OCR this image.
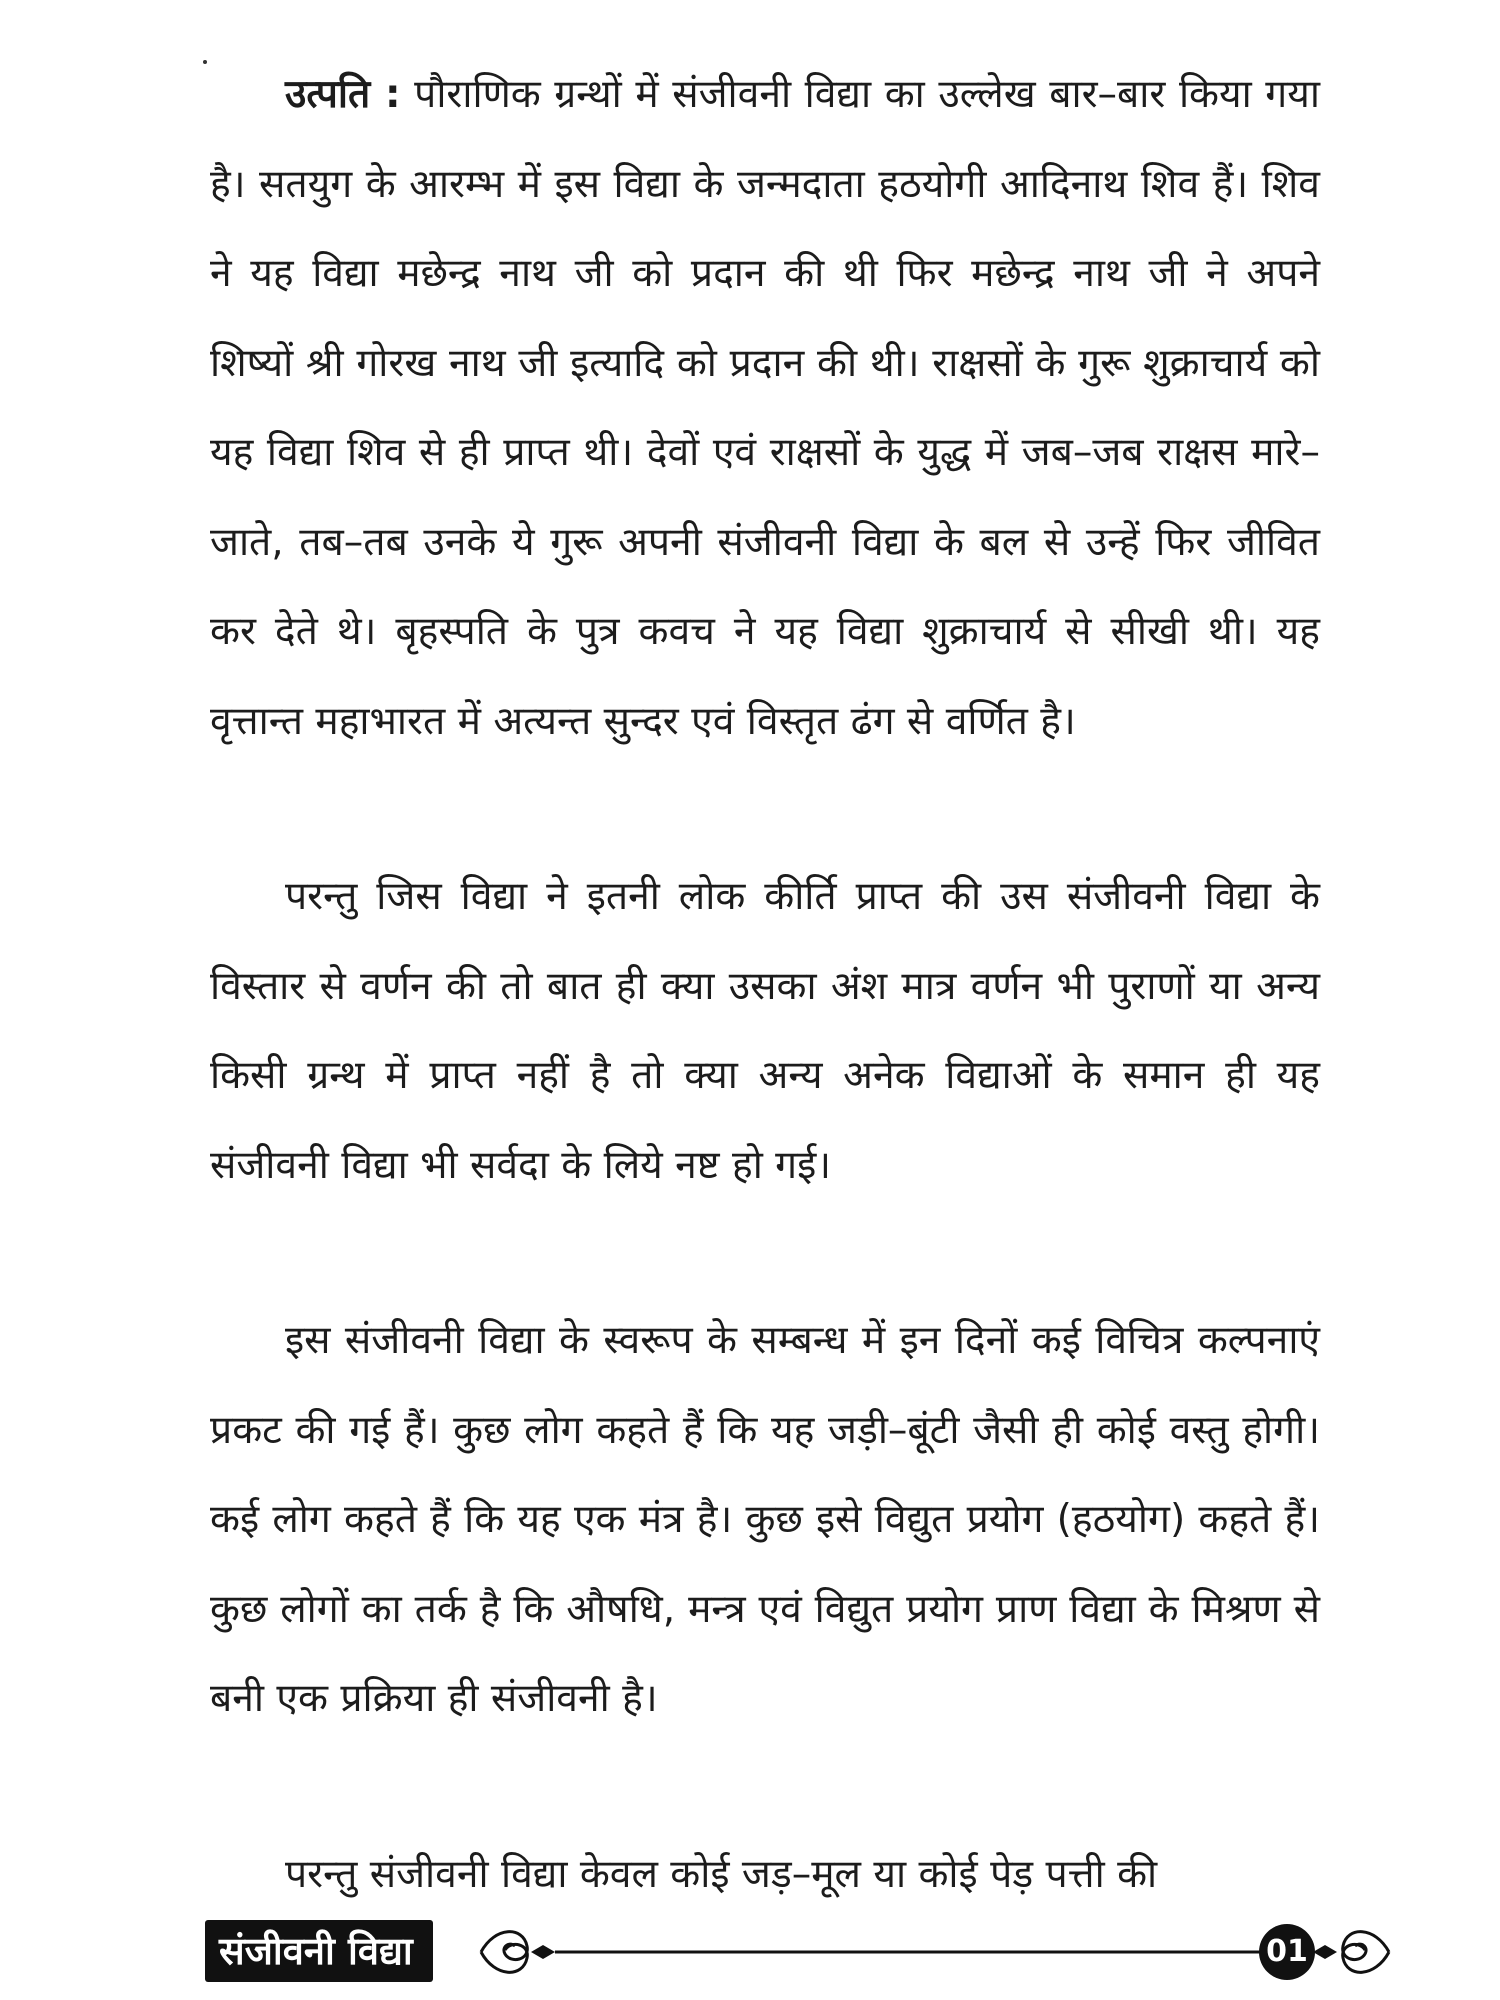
उत्पति : पौराणिक ग्रन्थों में संजीवनी विद्या का उल्लेख बार–बार किया गया है। सतयुग के आरम्भ में इस विद्या के जन्मदाता हठयोगी आदिनाथ शिव हैं। शिव ने यह विद्या मछेन्द्र नाथ जी को प्रदान की थी फिर मछेन्द्र नाथ जी ने अपने शिष्यों श्री गोरख नाथ जी इत्यादि को प्रदान की थी। राक्षसों के गुरू शुक्राचार्य को यह विद्या शिव से ही प्राप्त थी। देवों एवं राक्षसों के युद्ध में जब–जब राक्षस मारे–जाते, तब–तब उनके ये गुरू अपनी संजीवनी विद्या के बल से उन्हें फिर जीवित कर देते थे। बृहस्पति के पुत्र कवच ने यह विद्या शुक्राचार्य से सीखी थी। यह वृत्तान्त महाभारत में अत्यन्त सुन्दर एवं विस्तृत ढंग से वर्णित है।

परन्तु जिस विद्या ने इतनी लोक कीर्ति प्राप्त की उस संजीवनी विद्या के विस्तार से वर्णन की तो बात ही क्या उसका अंश मात्र वर्णन भी पुराणों या अन्य किसी ग्रन्थ में प्राप्त नहीं है तो क्या अन्य अनेक विद्याओं के समान ही यह संजीवनी विद्या भी सर्वदा के लिये नष्ट हो गई।

इस संजीवनी विद्या के स्वरूप के सम्बन्ध में इन दिनों कई विचित्र कल्पनाएं प्रकट की गई हैं। कुछ लोग कहते हैं कि यह जड़ी–बूंटी जैसी ही कोई वस्तु होगी। कई लोग कहते हैं कि यह एक मंत्र है। कुछ इसे विद्युत प्रयोग (हठयोग) कहते हैं। कुछ लोगों का तर्क है कि औषधि, मन्त्र एवं विद्युत प्रयोग प्राण विद्या के मिश्रण से बनी एक प्रक्रिया ही संजीवनी है।

परन्तु संजीवनी विद्या केवल कोई जड़–मूल या कोई पेड़ पत्ती की

संजीवनी विद्या	01
